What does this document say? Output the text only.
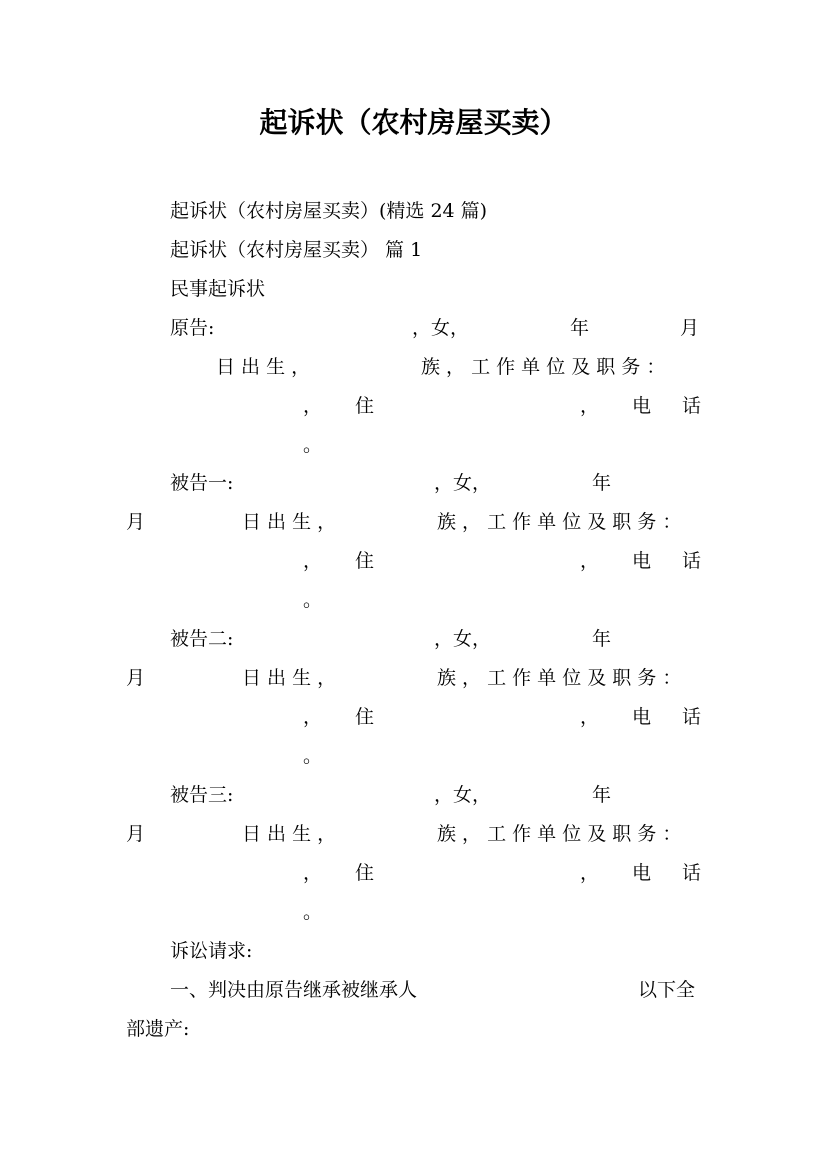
起诉状（农村房屋买卖）
起诉状（农村房屋买卖）(精选 24 篇)
起诉状（农村房屋买卖） 篇 1
民事起诉状
原告:	，女，	年	月
日 出 生 ，	族 ， 工 作 单 位 及 职 务 ：
， 住	， 电 话
。
被告一:	，女，	年
月	日 出 生 ，	族 ， 工 作 单 位 及 职 务 ：
， 住	， 电 话
。
被告二:	，女，	年
月	日 出 生 ，	族 ， 工 作 单 位 及 职 务 ：
， 住	， 电 话
。
被告三:	，女，	年
月	日 出 生 ，	族 ， 工 作 单 位 及 职 务 ：
， 住	， 电 话
。
诉讼请求:
一、判决由原告继承被继承人	以下全
部遗产:
